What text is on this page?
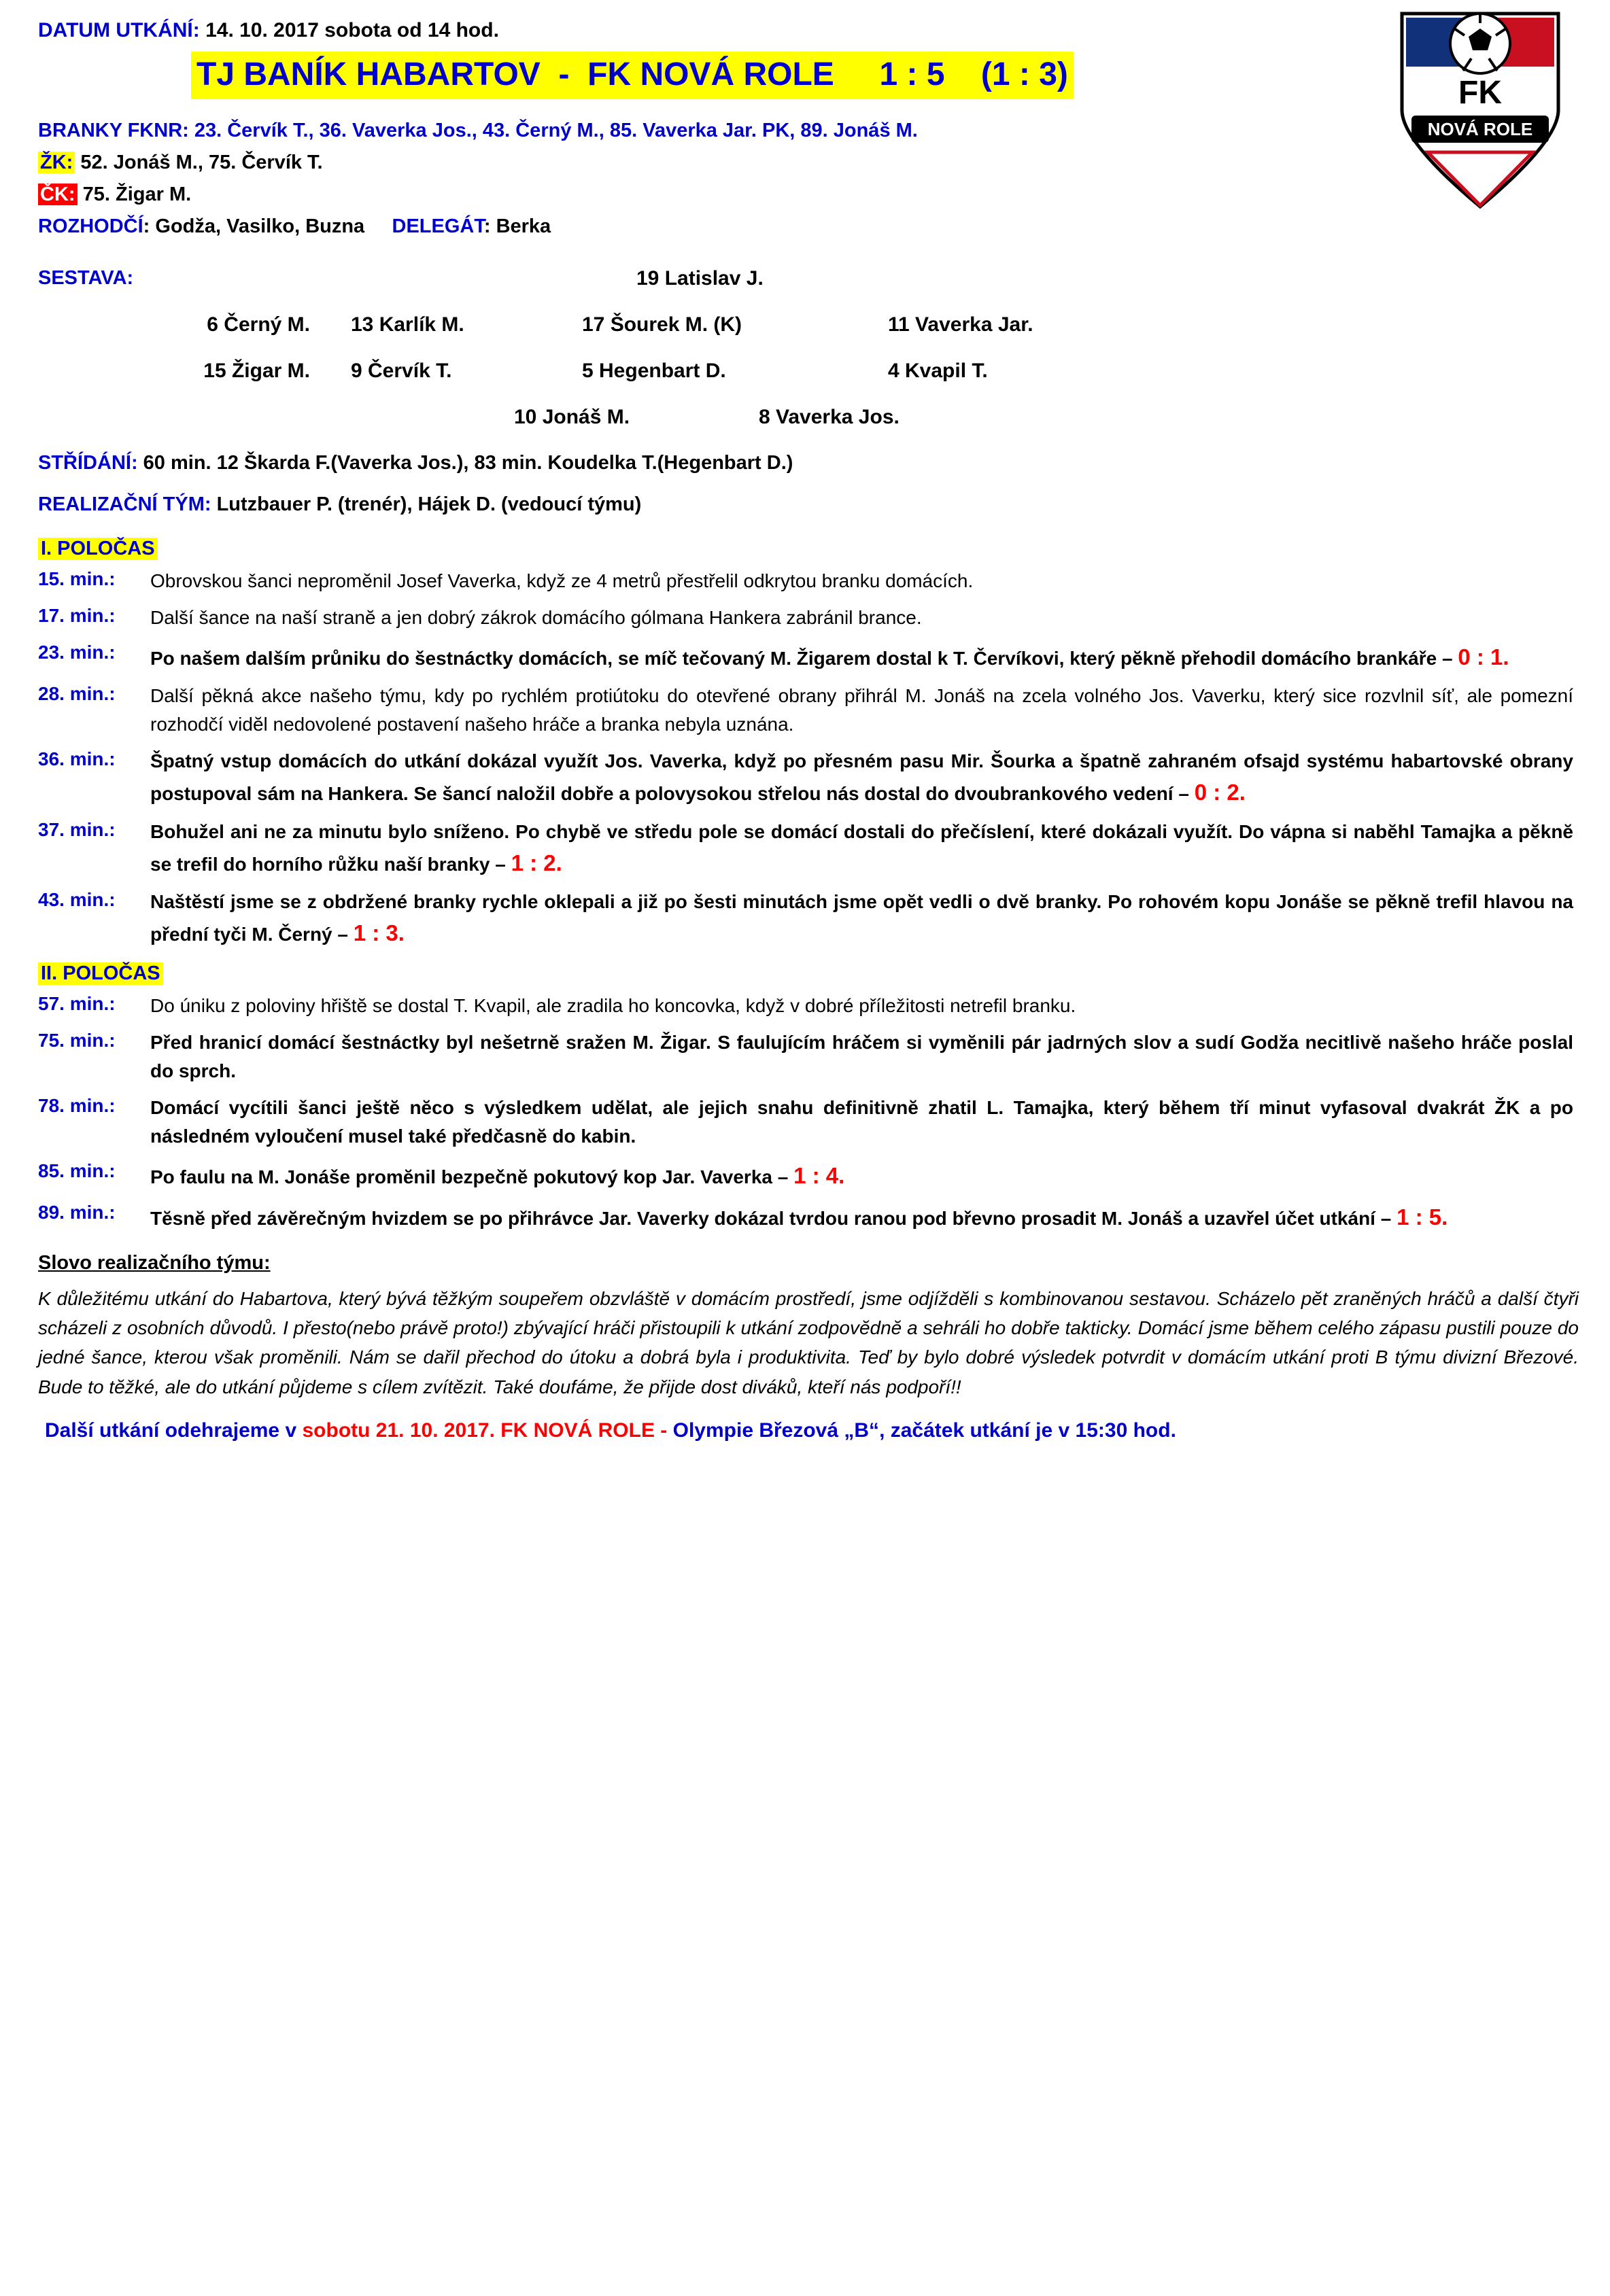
FK
NOVÁ ROLE
DATUM UTKÁNÍ: 14. 10. 2017 sobota od 14 hod.
TJ BANÍK HABARTOV  -  FK NOVÁ ROLE     1 : 5    (1 : 3)
BRANKY FKNR: 23. Červík T., 36. Vaverka Jos., 43. Černý M., 85. Vaverka Jar. PK, 89. Jonáš M.
ŽK: 52. Jonáš M., 75. Červík T.
ČK: 75. Žigar M.
ROZHODČÍ: Godža, Vasilko, Buzna DELEGÁT: Berka
SESTAVA:	19 Latislav J.
6 Černý M.	13 Karlík M.	17 Šourek M. (K)	11 Vaverka Jar.
15 Žigar M.	9 Červík T.	5 Hegenbart D.	4 Kvapil T.
10 Jonáš M.	8 Vaverka Jos.
STŘÍDÁNÍ: 60 min. 12 Škarda F.(Vaverka Jos.), 83 min. Koudelka T.(Hegenbart D.)
REALIZAČNÍ TÝM: Lutzbauer P. (trenér), Hájek D. (vedoucí týmu)
I. POLOČAS
15. min.:	Obrovskou šanci nepromĕnil Josef Vaverka, když ze 4 metrů přestřelil odkrytou branku domácích.
17. min.:	Další šance na naší stranĕ a jen dobrý zákrok domácího gólmana Hankera zabránil brance.
23. min.:	Po našem dalším průniku do šestnáctky domácích, se míč tečovaný M. Žigarem dostal k T. Červíkovi, který pĕknĕ přehodil domácího brankáře – 0 : 1.
28. min.:	Další pĕkná akce našeho týmu, kdy po rychlém protiútoku do otevřené obrany přihrál M. Jonáš na zcela volného Jos. Vaverku, který sice rozvlnil síť, ale pomezní rozhodčí vidĕl nedovolené postavení našeho hráče a branka nebyla uznána.
36. min.:	Špatný vstup domácích do utkání dokázal využít Jos. Vaverka, když po přesném pasu Mir. Šourka a špatnĕ zahraném ofsajd systému habartovské obrany postupoval sám na Hankera. Se šancí naložil dobře a polovysokou střelou nás dostal do dvoubrankového vedení – 0 : 2.
37. min.:	Bohužel ani ne za minutu bylo sníženo. Po chybĕ ve středu pole se domácí dostali do přečíslení, které dokázali využít. Do vápna si nabĕhl Tamajka a pĕknĕ se trefil do horního růžku naší branky – 1 : 2.
43. min.:	Naštĕstí jsme se z obdržené branky rychle oklepali a již po šesti minutách jsme opĕt vedli o dvĕ branky. Po rohovém kopu Jonáše se pĕknĕ trefil hlavou na přední tyči M. Černý – 1 : 3.
II. POLOČAS
57. min.:	Do úniku z poloviny hřištĕ se dostal T. Kvapil, ale zradila ho koncovka, když v dobré příležitosti netrefil branku.
75. min.:	Před hranicí domácí šestnáctky byl nešetrnĕ sražen M. Žigar. S faulujícím hráčem si vymĕnili pár jadrných slov a sudí Godža necitlivĕ našeho hráče poslal do sprch.
78. min.:	Domácí vycítili šanci ještĕ nĕco s výsledkem udĕlat, ale jejich snahu definitivnĕ zhatil L. Tamajka, který bĕhem tří minut vyfasoval dvakrát ŽK a po následném vyloučení musel také předčasnĕ do kabin.
85. min.:	Po faulu na M. Jonáše promĕnil bezpečnĕ pokutový kop Jar. Vaverka – 1 : 4.
89. min.:	Tĕsnĕ před závĕrečným hvizdem se po přihrávce Jar. Vaverky dokázal tvrdou ranou pod břevno prosadit M. Jonáš a uzavřel účet utkání – 1 : 5.
Slovo realizačního týmu:
K důležitému utkání do Habartova, který bývá tĕžkým soupeřem obzvláštĕ v domácím prostředí, jsme odjíždĕli s kombinovanou sestavou. Scházelo pĕt zranĕných hráčů a další čtyři scházeli z osobních důvodů. I přesto(nebo právĕ proto!) zbývající hráči přistoupili k utkání zodpovĕdnĕ a sehráli ho dobře takticky. Domácí jsme bĕhem celého zápasu pustili pouze do jedné šance, kterou však promĕnili. Nám se dařil přechod do útoku a dobrá byla i produktivita. Teď by bylo dobré výsledek potvrdit v domácím utkání proti B týmu divizní Březové. Bude to tĕžké, ale do utkání půjdeme s cílem zvítĕzit. Také doufáme, že přijde dost diváků, kteří nás podpoří!!
Další utkání odehrajeme v sobotu 21. 10. 2017. FK NOVÁ ROLE - Olympie Březová „B“, začátek utkání je v 15:30 hod.
